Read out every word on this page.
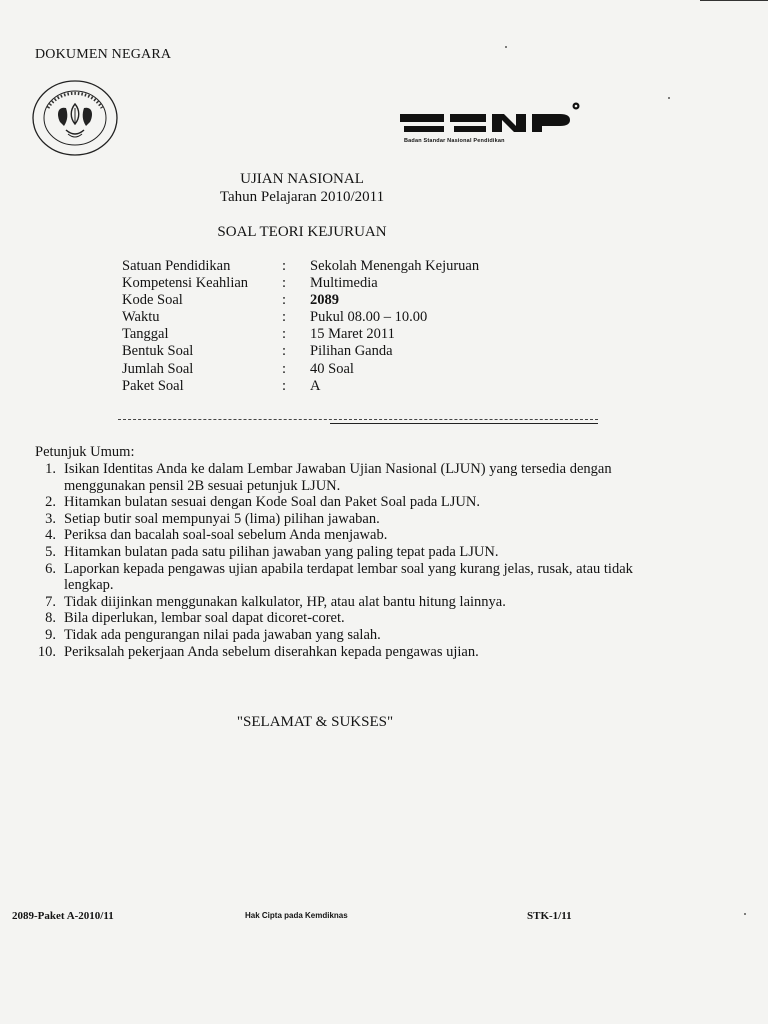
DOKUMEN NEGARA
Badan Standar Nasional Pendidikan
UJIAN NASIONAL
Tahun Pelajaran 2010/2011
SOAL TEORI KEJURUAN
Satuan Pendidikan	:	Sekolah Menengah Kejuruan
Kompetensi Keahlian	:	Multimedia
Kode Soal	:	2089
Waktu	:	Pukul 08.00 – 10.00
Tanggal	:	15 Maret 2011
Bentuk Soal	:	Pilihan Ganda
Jumlah Soal	:	40 Soal
Paket Soal	:	A
Petunjuk Umum:
1. Isikan Identitas Anda ke dalam Lembar Jawaban Ujian Nasional (LJUN) yang tersedia dengan menggunakan pensil 2B sesuai petunjuk LJUN.
2. Hitamkan bulatan sesuai dengan Kode Soal dan Paket Soal pada LJUN.
3. Setiap butir soal mempunyai 5 (lima) pilihan jawaban.
4. Periksa dan bacalah soal-soal sebelum Anda menjawab.
5. Hitamkan bulatan pada satu pilihan jawaban yang paling tepat pada LJUN.
6. Laporkan kepada pengawas ujian apabila terdapat lembar soal yang kurang jelas, rusak, atau tidak lengkap.
7. Tidak diijinkan menggunakan kalkulator, HP, atau alat bantu hitung lainnya.
8. Bila diperlukan, lembar soal dapat dicoret-coret.
9. Tidak ada pengurangan nilai pada jawaban yang salah.
10. Periksalah pekerjaan Anda sebelum diserahkan kepada pengawas ujian.
"SELAMAT & SUKSES"
2089-Paket A-2010/11	Hak Cipta pada Kemdiknas	STK-1/11
